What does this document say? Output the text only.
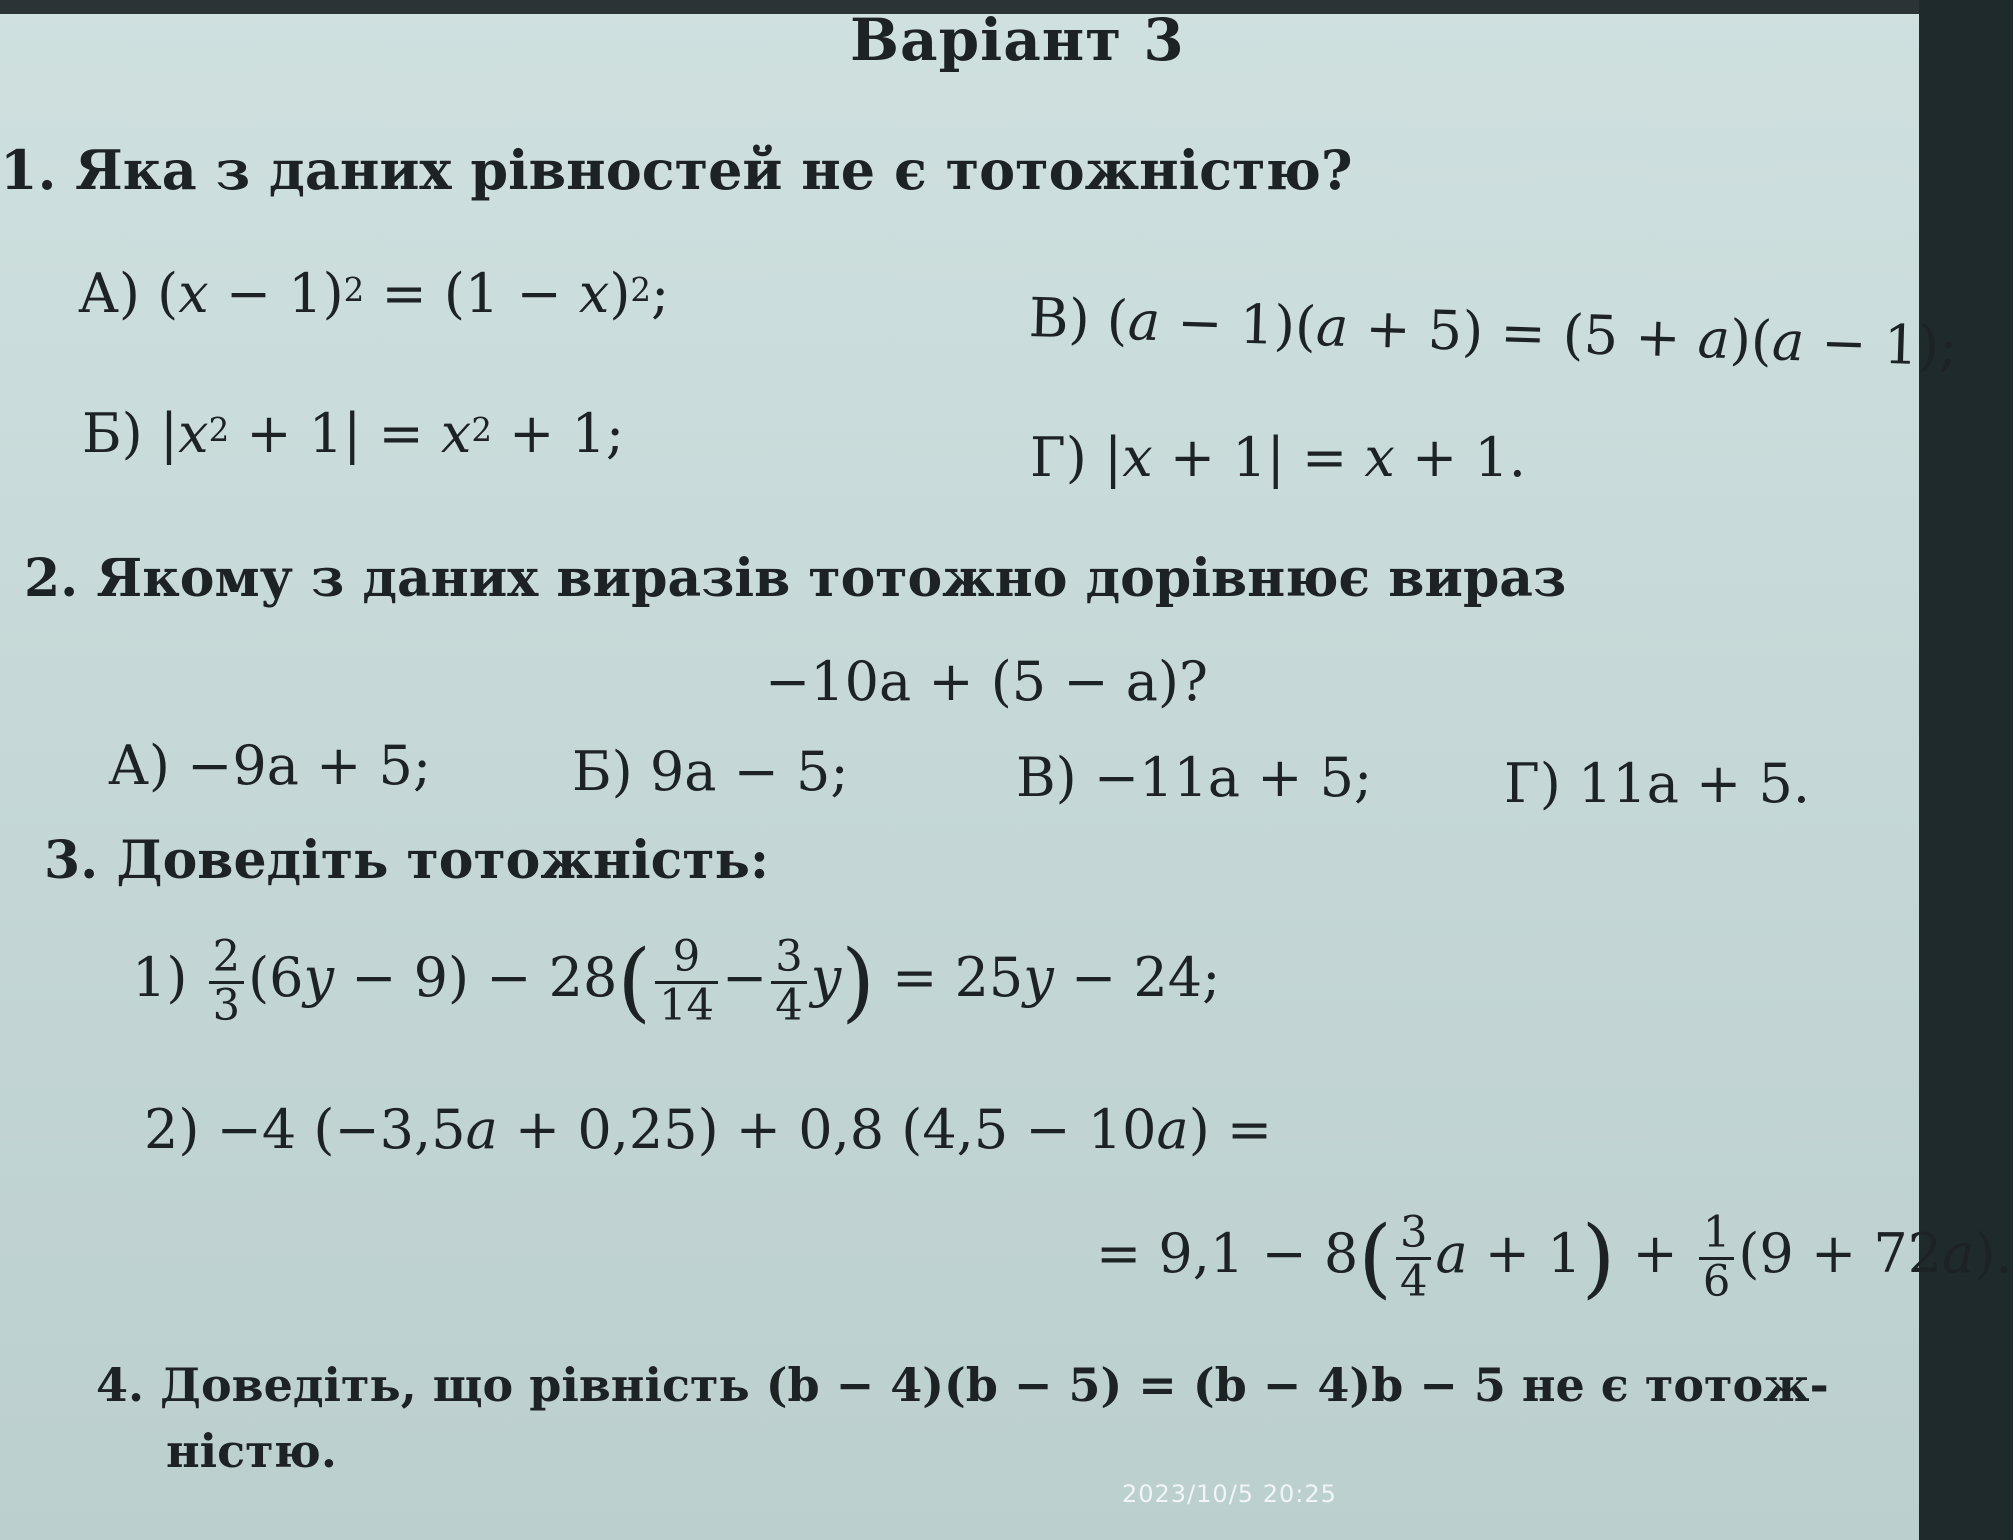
Варіант 3
1. Яка з даних рівностей не є тотожністю?
А) $(x - 1)^2 = (1 - x)^2$;	В) (a − 1)(a + 5) = (5 + a)(a − 1);
Б) $|x^2 + 1| = x^2 + 1$;	Г) |x + 1| = x + 1.
2. Якому з даних виразів тотожно дорівнює вираз
−10a + (5 − a)?
А) −9a + 5;	Б) 9a − 5;	В) −11a + 5; Г) 11a + 5.
3. Доведіть тотожність:
$1) \frac{2}{3} (6y - 9) - 28( \frac{9}{14} - \frac{3}{4} y) = 25y - 24$;
2) −4 (−3,5a + 0,25) + 0,8 (4,5 − 10a) =
= $9,1 - 8( \frac{3}{4}$ $a + 1) + \frac{1}{6} (9 + 72a)$.
4. Доведіть, що рівність (b − 4)(b − 5) = (b − 4)b − 5 не є тотож-
ністю.
2023/10/5 20:25
